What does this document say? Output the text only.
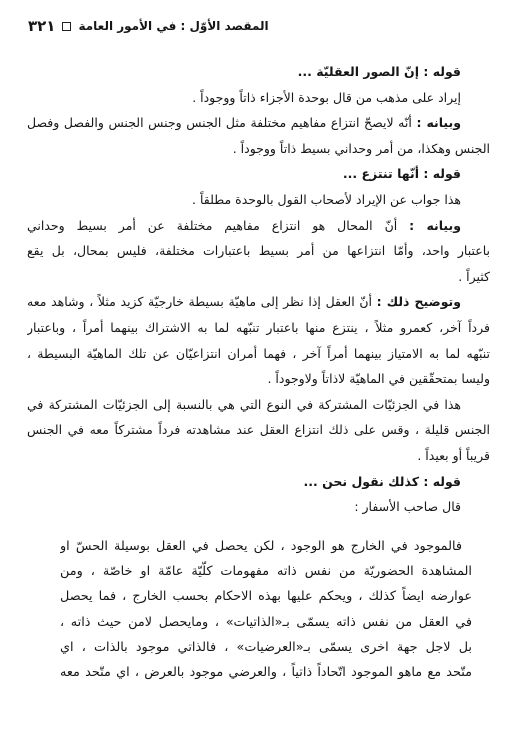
المقصد الأوّل : في الأمور العامة
٣٢١
قوله : إنّ الصور العقليّة ...
إيراد على مذهب من قال بوحدة الأجزاء ذاتاً ووجوداً .
وبيانه : أنّه لايصحّ انتزاع مفاهيم مختلفة مثل الجنس وجنس الجنس والفصل وفصل
الجنس وهكذا، من أمر وحداني بسيط ذاتاً ووجوداً .
قوله : أنّها تنتزع ...
هذا جواب عن الإيراد لأصحاب القول بالوحدة مطلقاً .
وبيانه : أنّ المحال هو انتزاع مفاهيم مختلفة عن أمر بسيط وحداني
باعتبار واحد، وأمّا انتزاعها من أمر بسيط باعتبارات مختلفة، فليس بمحال، بل يقع
كثيراً .
وتوضيح ذلك : أنّ العقل إذا نظر إلى ماهيّة بسيطة خارجيّة كزيد مثلاً ، وشاهد معه
فرداً آخر، كعمرو مثلاً ، ينتزع منها باعتبار تنبّهه لما به الاشتراك بينهما أمراً ، وباعتبار
تنبّهه لما به الامتياز بينهما أمراً آخر ، فهما أمران انتزاعيّان عن تلك الماهيّة البسيطة ،
وليسا بمتحقّقين في الماهيّة لاذاتاً ولاوجوداً .
هذا في الجزئيّات المشتركة في النوع التي هي بالنسبة إلى الجزئيّات المشتركة في
الجنس قليلة ، وقس على ذلك انتزاع العقل عند مشاهدته فرداً مشتركاً معه في الجنس
قريباً أو بعيداً .
قوله : كذلك نقول نحن ...
قال صاحب الأسفار :
فالموجود في الخارج هو الوجود ، لكن يحصل في العقل بوسيلة الحسّ او
المشاهدة الحضوريّة من نفس ذاته مفهومات كلّيّة عامّة او خاصّة ، ومن
عوارضه ايضاً كذلك ، ويحكم عليها بهذه الاحكام بحسب الخارج ، فما يحصل
في العقل من نفس ذاته يسمّى بـ«الذاتيات» ، ومايحصل لامن حيث ذاته ،
بل لاجل جهة اخرى يسمّى بـ«العرضيات» ، فالذاتي موجود بالذات ، اي
متّحد مع ماهو الموجود اتّحاداً ذاتياً ، والعرضي موجود بالعرض ، اي متّحد معه
